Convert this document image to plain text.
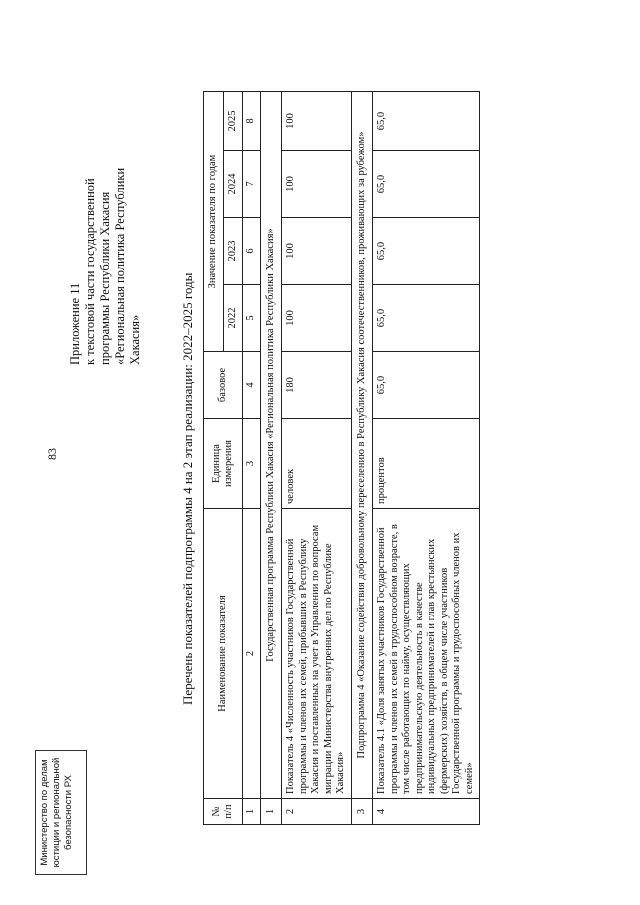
Министерство по делам юстиции и региональной безопасности РХ
83
Приложение 11 к текстовой части государственной программы Республики Хакасия «Региональная политика Республики Хакасия»	Перечень показателей подпрограммы 4 на 2 этап реализации: 2022–2025 годы
№ п/п	Наименование показателя	Единица измерения	базовое	Значение показателя по годам			
				2022	2023	2024	2025
1	2	3	4	5	6	7	8
1	Государственная программа Республики Хакасия «Региональная политика Республики Хакасия»						
2	Показатель 4 «Численность участников Государственной программы и членов их семей, прибывших в Республику Хакасия и поставленных на учет в Управлении по вопросам миграции Министерства внутренних дел по Республике Хакасия»	человек	180	100	100	100	100
3	Подпрограмма 4 «Оказание содействия добровольному переселению в Республику Хакасия соотечественников, проживающих за рубежом»						
4	Показатель 4.1 «Доля занятых участников Государственной программы и членов их семей в трудоспособном возрасте, в том числе работающих по найму, осуществляющих предпринимательскую деятельность в качестве индивидуальных предпринимателей и глав крестьянских (фермерских) хозяйств, в общем числе участников Государственной программы и трудоспособных членов их семей»	процентов	65,0	65,0	65,0	65,0	65,0
